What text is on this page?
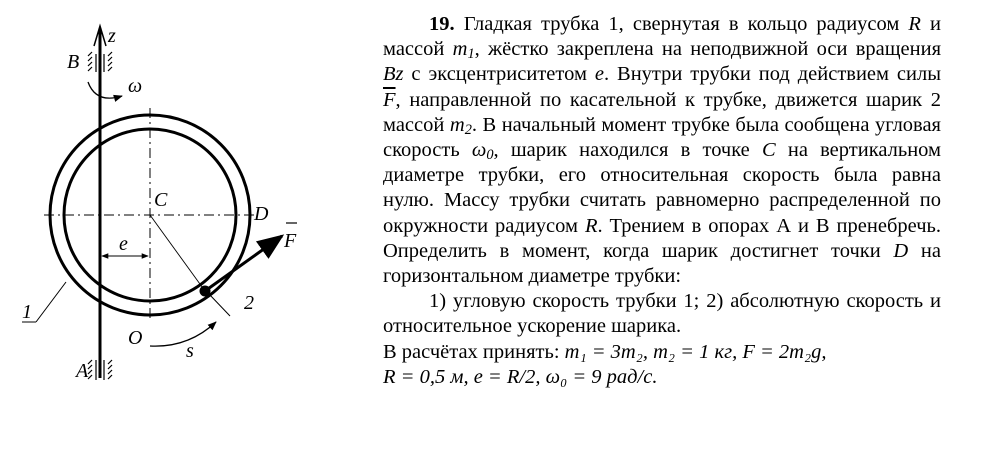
z
B
ω
C
D
F
e
1	2
O
s
A

19. Гладкая трубка 1, свернутая в кольцо радиусом R и массой $m_1$, жёстко закреплена на неподвижной оси вращения Bz с эксцентриситетом e. Внутри трубки под действием силы $\overline{F}$, направленной по касательной к трубке, движется шарик 2 массой $m_2$. В начальный момент трубке была сообщена угловая скорость $\omega_0$, шарик находился в точке C на вертикальном диаметре трубки, его относительная скорость была равна нулю. Массу трубки считать равномерно распределенной по окружности радиусом R. Трением в опорах А и В пренебречь. Определить в момент, когда шарик достигнет точки D на горизонтальном диаметре трубки:

1) угловую скорость трубки 1; 2) абсолютную скорость и относительное ускорение шарика.

В расчётах принять: m₁ = 3m₂, m₂ = 1 кг, F = 2m₂g,

R = 0,5 м, e = R/2, ω₀ = 9 рад/с.
